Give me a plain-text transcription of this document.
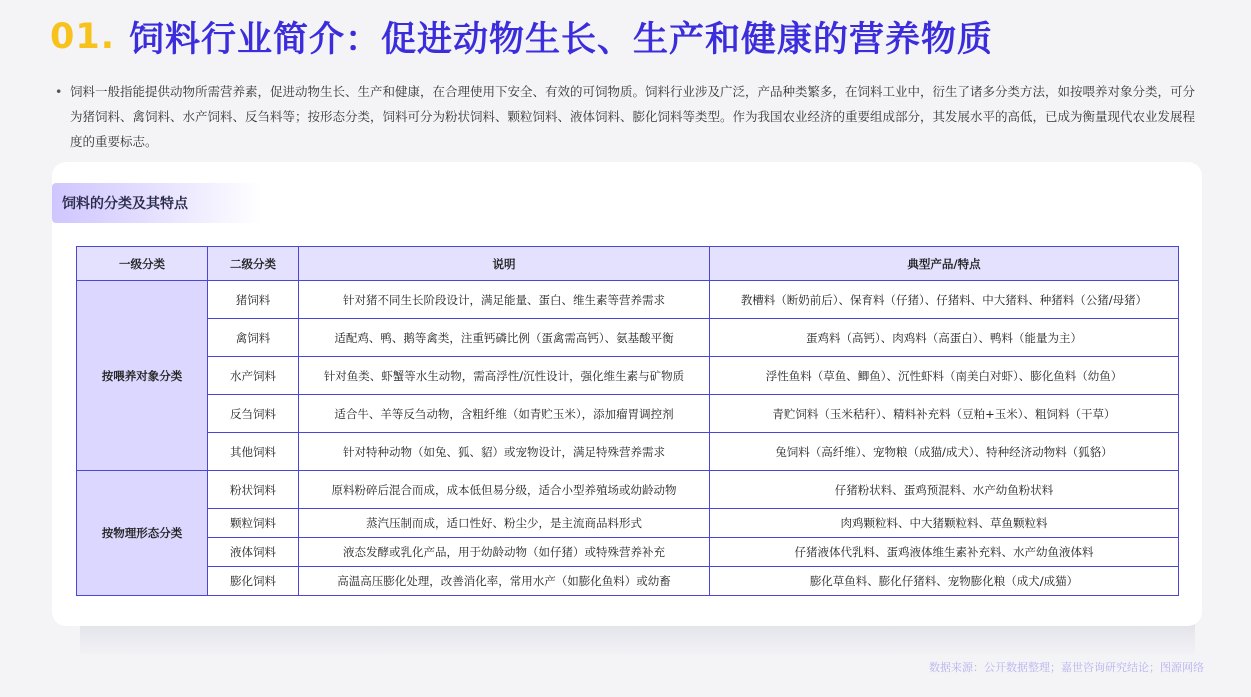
01. 饲料行业简介：促进动物生长、生产和健康的营养物质
• 饲料一般指能提供动物所需营养素，促进动物生长、生产和健康，在合理使用下安全、有效的可饲物质。饲料行业涉及广泛，产品种类繁多，在饲料工业中，衍生了诸多分类方法，如按喂养对象分类，可分为猪饲料、禽饲料、水产饲料、反刍料等；按形态分类，饲料可分为粉状饲料、颗粒饲料、液体饲料、膨化饲料等类型。作为我国农业经济的重要组成部分，其发展水平的高低，已成为衡量现代农业发展程度的重要标志。
饲料的分类及其特点
一级分类	二级分类	说明	典型产品/特点
按喂养对象分类	猪饲料	针对猪不同生长阶段设计，满足能量、蛋白、维生素等营养需求	教槽料（断奶前后）、保育料（仔猪）、仔猪料、中大猪料、种猪料（公猪/母猪）
	禽饲料	适配鸡、鸭、鹅等禽类，注重钙磷比例（蛋禽需高钙）、氨基酸平衡	蛋鸡料（高钙）、肉鸡料（高蛋白）、鸭料（能量为主）
	水产饲料	针对鱼类、虾蟹等水生动物，需高浮性/沉性设计，强化维生素与矿物质	浮性鱼料（草鱼、鲫鱼）、沉性虾料（南美白对虾）、膨化鱼料（幼鱼）
	反刍饲料	适合牛、羊等反刍动物，含粗纤维（如青贮玉米），添加瘤胃调控剂	青贮饲料（玉米秸秆）、精料补充料（豆粕+玉米）、粗饲料（干草）
	其他饲料	针对特种动物（如兔、狐、貂）或宠物设计，满足特殊营养需求	兔饲料（高纤维）、宠物粮（成猫/成犬）、特种经济动物料（狐貉）
按物理形态分类	粉状饲料	原料粉碎后混合而成，成本低但易分级，适合小型养殖场或幼龄动物	仔猪粉状料、蛋鸡预混料、水产幼鱼粉状料
	颗粒饲料	蒸汽压制而成，适口性好、粉尘少，是主流商品料形式	肉鸡颗粒料、中大猪颗粒料、草鱼颗粒料
	液体饲料	液态发酵或乳化产品，用于幼龄动物（如仔猪）或特殊营养补充	仔猪液体代乳料、蛋鸡液体维生素补充料、水产幼鱼液体料
	膨化饲料	高温高压膨化处理，改善消化率，常用水产（如膨化鱼料）或幼畜	膨化草鱼料、膨化仔猪料、宠物膨化粮（成犬/成猫）
数据来源：公开数据整理；嘉世咨询研究结论；图源网络
